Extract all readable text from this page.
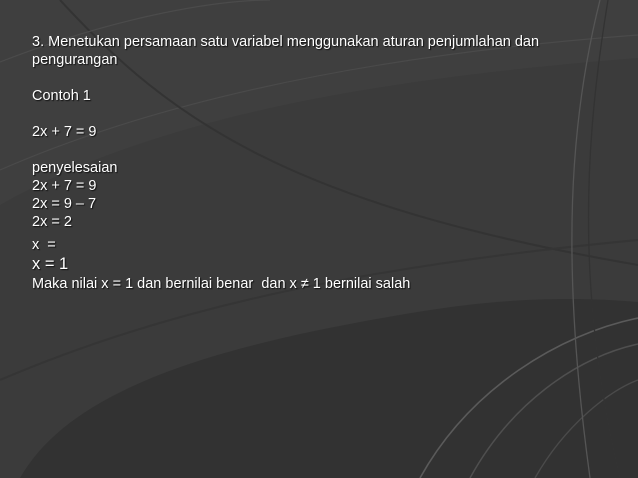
3. Menetukan persamaan satu variabel menggunakan aturan penjumlahan dan pengurangan
Contoh 1
2x + 7 = 9
penyelesaian
2x + 7 = 9
2x = 9 – 7
2x = 2
x  =
x = 1
Maka nilai x = 1 dan bernilai benar  dan x ≠ 1 bernilai salah
